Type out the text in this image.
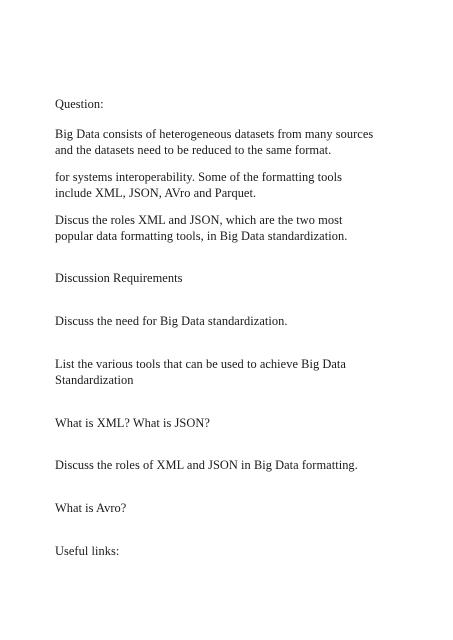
Question:
Big Data consists of heterogeneous datasets from many sources
and the datasets need to be reduced to the same format.
for systems interoperability. Some of the formatting tools
include XML, JSON, AVro and Parquet.
Discus the roles XML and JSON, which are the two most
popular data formatting tools, in Big Data standardization.
Discussion Requirements
Discuss the need for Big Data standardization.
List the various tools that can be used to achieve Big Data
Standardization
What is XML? What is JSON?
Discuss the roles of XML and JSON in Big Data formatting.
What is Avro?
Useful links:
